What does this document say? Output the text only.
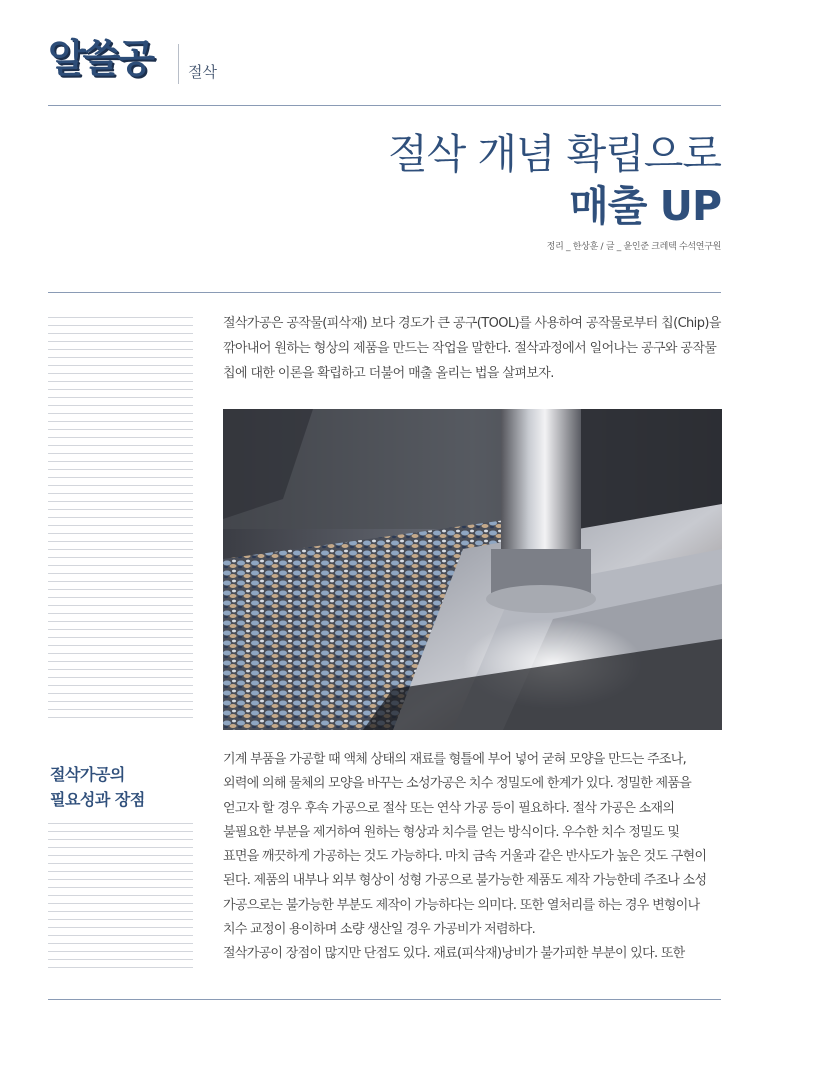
알쓸공 절삭
절삭 개념 확립으로
매출 UP
정리 _ 한상훈 / 글 _ 윤인준 크레텍 수석연구원
절삭가공은 공작물(피삭재) 보다 경도가 큰 공구(TOOL)를 사용하여 공작물로부터 칩(Chip)을
깎아내어 원하는 형상의 제품을 만드는 작업을 말한다. 절삭과정에서 일어나는 공구와 공작물
칩에 대한 이론을 확립하고 더불어 매출 올리는 법을 살펴보자.
절삭가공의
필요성과 장점
기계 부품을 가공할 때 액체 상태의 재료를 형틀에 부어 넣어 굳혀 모양을 만드는 주조나,
외력에 의해 물체의 모양을 바꾸는 소성가공은 치수 정밀도에 한계가 있다. 정밀한 제품을
얻고자 할 경우 후속 가공으로 절삭 또는 연삭 가공 등이 필요하다. 절삭 가공은 소재의
불필요한 부분을 제거하여 원하는 형상과 치수를 얻는 방식이다. 우수한 치수 정밀도 및
표면을 깨끗하게 가공하는 것도 가능하다. 마치 금속 거울과 같은 반사도가 높은 것도 구현이
된다. 제품의 내부나 외부 형상이 성형 가공으로 불가능한 제품도 제작 가능한데 주조나 소성
가공으로는 불가능한 부분도 제작이 가능하다는 의미다. 또한 열처리를 하는 경우 변형이나
치수 교정이 용이하며 소량 생산일 경우 가공비가 저렴하다.
절삭가공이 장점이 많지만 단점도 있다. 재료(피삭재)낭비가 불가피한 부분이 있다. 또한
